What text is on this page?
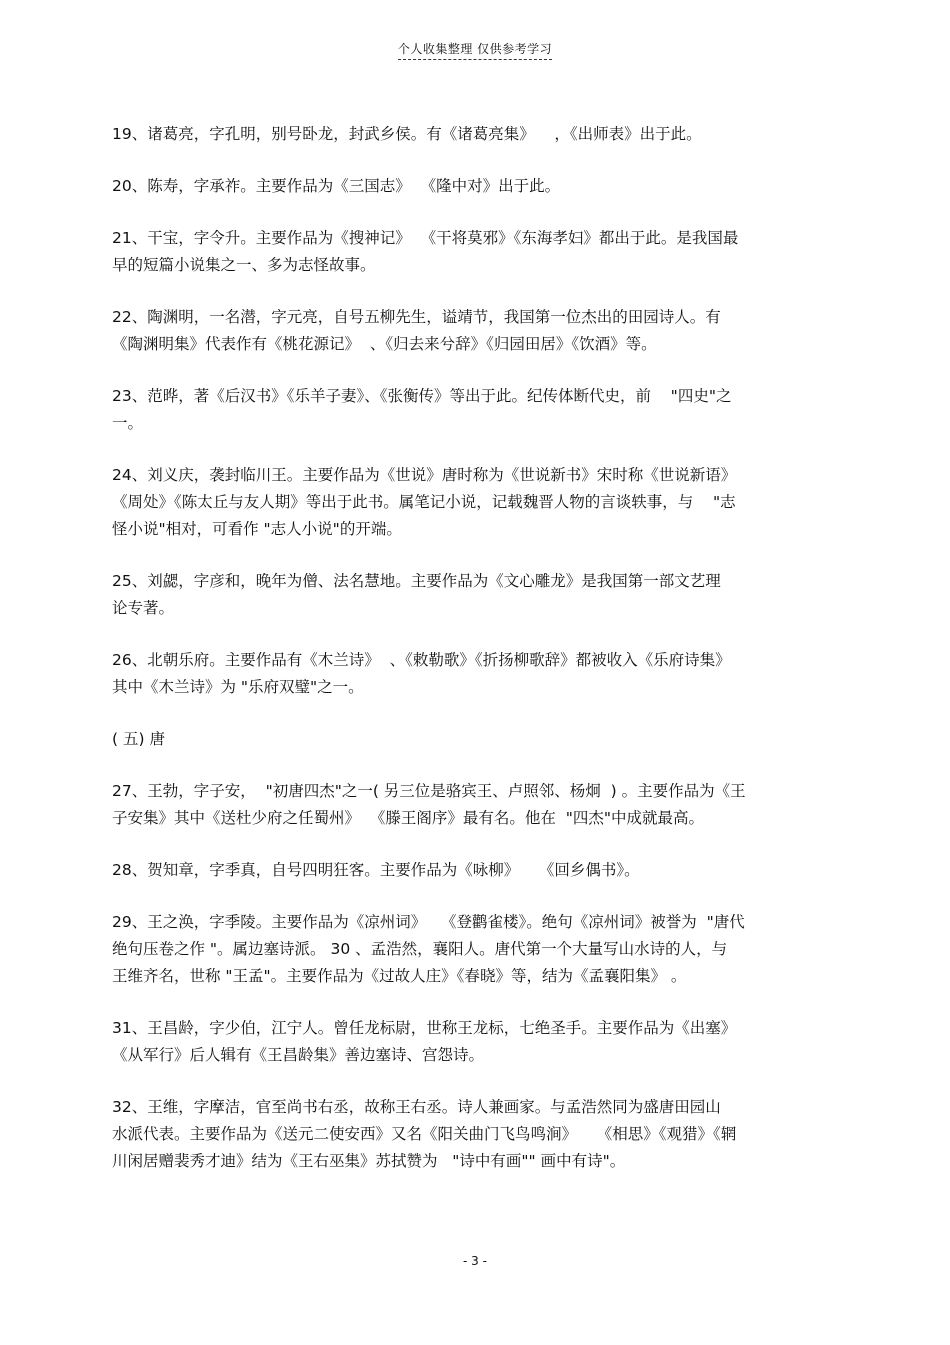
个人收集整理 仅供参考学习
19、诸葛亮，字孔明，别号卧龙，封武乡侯。有《诸葛亮集》    ，《出师表》出于此。
20、陈寿，字承祚。主要作品为《三国志》  《隆中对》出于此。
21、干宝，字令升。主要作品为《搜神记》  《干将莫邪》《东海孝妇》都出于此。是我国最
早的短篇小说集之一、多为志怪故事。
22、陶渊明，一名潜，字元亮，自号五柳先生，谥靖节，我国第一位杰出的田园诗人。有
《陶渊明集》代表作有《桃花源记》  、《归去来兮辞》《归园田居》《饮酒》等。
23、范晔，著《后汉书》《乐羊子妻》、《张衡传》等出于此。纪传体断代史，前    "四史"之
一。
24、刘义庆，袭封临川王。主要作品为《世说》唐时称为《世说新书》宋时称《世说新语》
《周处》《陈太丘与友人期》等出于此书。属笔记小说，记载魏晋人物的言谈轶事，与    "志
怪小说"相对，可看作 "志人小说"的开端。
25、刘勰，字彦和，晚年为僧、法名慧地。主要作品为《文心雕龙》是我国第一部文艺理
论专著。
26、北朝乐府。主要作品有《木兰诗》  、《敕勒歌》《折扬柳歌辞》都被收入《乐府诗集》
其中《木兰诗》为 "乐府双璧"之一。
( 五) 唐
27、王勃，字子安，  "初唐四杰"之一( 另三位是骆宾王、卢照邻、杨炯  ) 。主要作品为《王
子安集》其中《送杜少府之任蜀州》  《滕王阁序》最有名。他在  "四杰"中成就最高。
28、贺知章，字季真，自号四明狂客。主要作品为《咏柳》    《回乡偶书》。
29、王之涣，字季陵。主要作品为《凉州词》   《登鹳雀楼》。绝句《凉州词》被誉为  "唐代
绝句压卷之作 "。属边塞诗派。 30 、孟浩然，襄阳人。唐代第一个大量写山水诗的人，与
王维齐名，世称 "王孟"。主要作品为《过故人庄》《春晓》等，结为《孟襄阳集》 。
31、王昌龄，字少伯，江宁人。曾任龙标尉，世称王龙标，七绝圣手。主要作品为《出塞》
《从军行》后人辑有《王昌龄集》善边塞诗、宫怨诗。
32、王维，字摩洁，官至尚书右丞，故称王右丞。诗人兼画家。与孟浩然同为盛唐田园山
水派代表。主要作品为《送元二使安西》又名《阳关曲门飞鸟鸣涧》    《相思》《观猎》《辋
川闲居赠裴秀才迪》结为《王右巫集》苏拭赞为   "诗中有画"" 画中有诗"。
- 3 -
